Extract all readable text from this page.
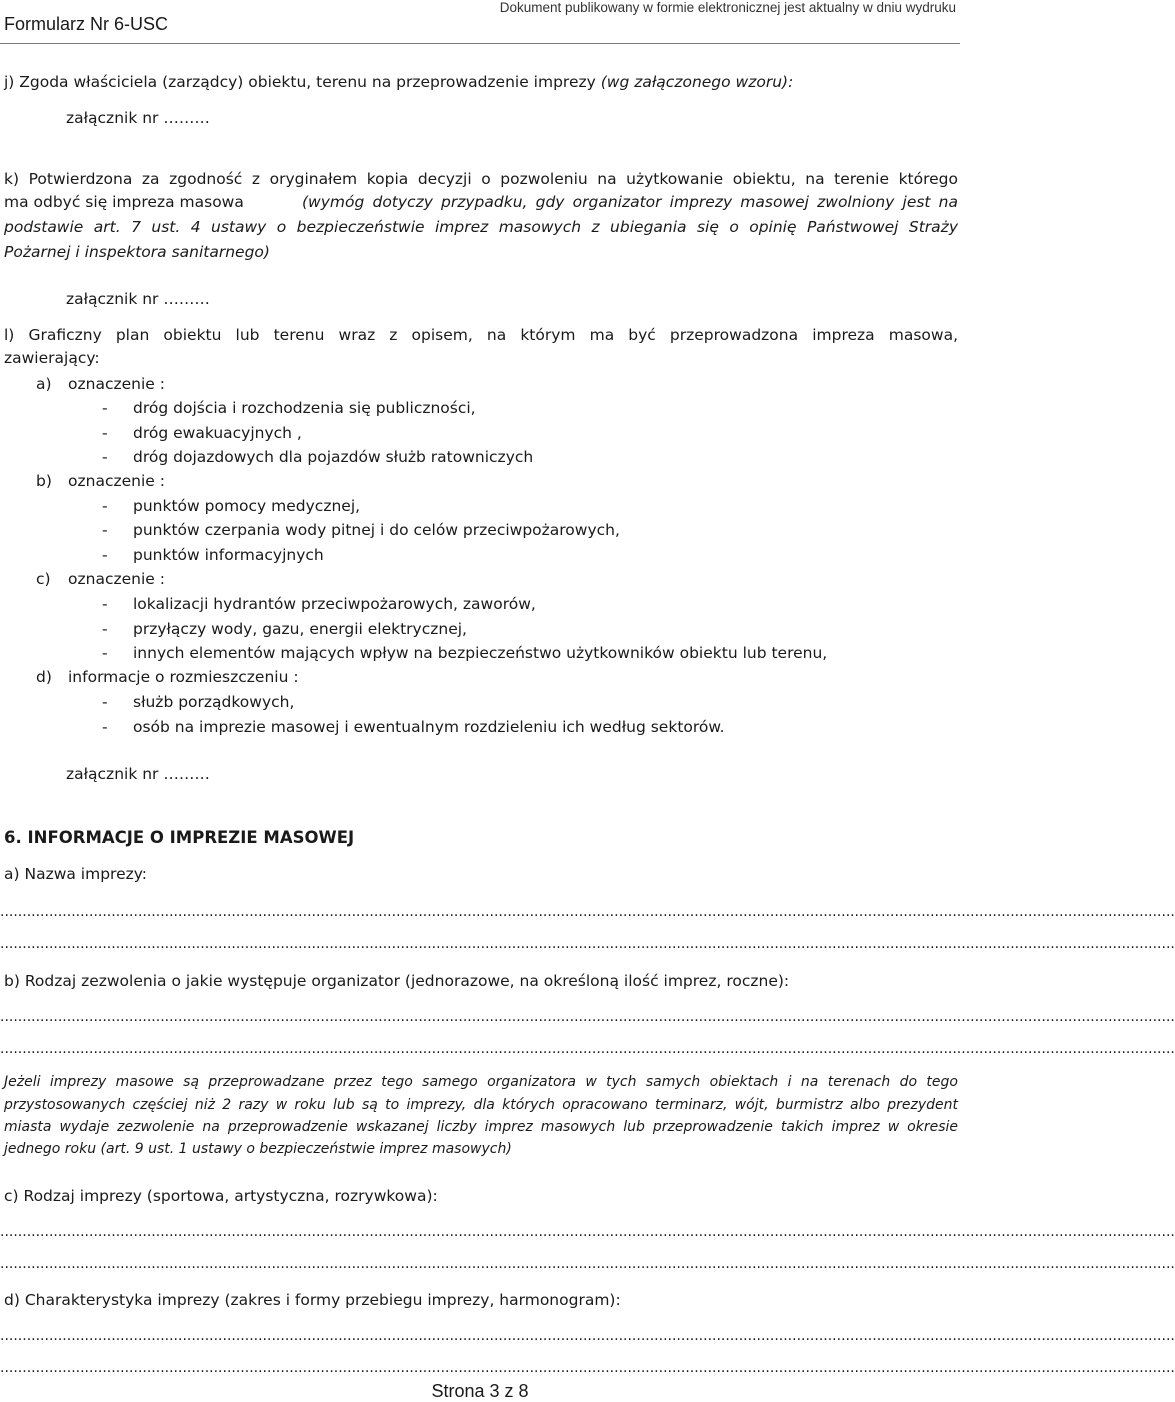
Formularz Nr 6-USC
Dokument publikowany w formie elektronicznej jest aktualny w dniu wydruku
j) Zgoda właściciela (zarządcy) obiektu, terenu na przeprowadzenie imprezy (wg załączonego wzoru):
załącznik nr ………
k) Potwierdzona za zgodność z oryginałem kopia decyzji o pozwoleniu na użytkowanie obiektu, na terenie którego
ma odbyć się impreza masowa	(wymóg dotyczy przypadku, gdy organizator imprezy masowej zwolniony jest na
podstawie art. 7 ust. 4 ustawy o bezpieczeństwie imprez masowych z ubiegania się o opinię Państwowej Straży
Pożarnej i inspektora sanitarnego)
załącznik nr ………
l) Graficzny plan obiektu lub terenu wraz z opisem, na którym ma być przeprowadzona impreza masowa,
zawierający:
a) oznaczenie :
- dróg dojścia i rozchodzenia się publiczności,
- dróg ewakuacyjnych ,
- dróg dojazdowych dla pojazdów służb ratowniczych
b) oznaczenie :
- punktów pomocy medycznej,
- punktów czerpania wody pitnej i do celów przeciwpożarowych,
- punktów informacyjnych
c) oznaczenie :
- lokalizacji hydrantów przeciwpożarowych, zaworów,
- przyłączy wody, gazu, energii elektrycznej,
- innych elementów mających wpływ na bezpieczeństwo użytkowników obiektu lub terenu,
d) informacje o rozmieszczeniu :
- służb porządkowych,
- osób na imprezie masowej i ewentualnym rozdzieleniu ich według sektorów.
załącznik nr ………
6. INFORMACJE O IMPREZIE MASOWEJ
a) Nazwa imprezy:
........................................................................................................................................................................................................................................................................
........................................................................................................................................................................................................................................................................
b) Rodzaj zezwolenia o jakie występuje organizator (jednorazowe, na określoną ilość imprez, roczne):
........................................................................................................................................................................................................................................................................
........................................................................................................................................................................................................................................................................
Jeżeli imprezy masowe są przeprowadzane przez tego samego organizatora w tych samych obiektach i na terenach do tego
przystosowanych częściej niż 2 razy w roku lub są to imprezy, dla których opracowano terminarz, wójt, burmistrz albo prezydent
miasta wydaje zezwolenie na przeprowadzenie wskazanej liczby imprez masowych lub przeprowadzenie takich imprez w okresie
jednego roku (art. 9 ust. 1 ustawy o bezpieczeństwie imprez masowych)
c) Rodzaj imprezy (sportowa, artystyczna, rozrywkowa):
........................................................................................................................................................................................................................................................................
........................................................................................................................................................................................................................................................................
d) Charakterystyka imprezy (zakres i formy przebiegu imprezy, harmonogram):
........................................................................................................................................................................................................................................................................
........................................................................................................................................................................................................................................................................
Strona 3 z 8
